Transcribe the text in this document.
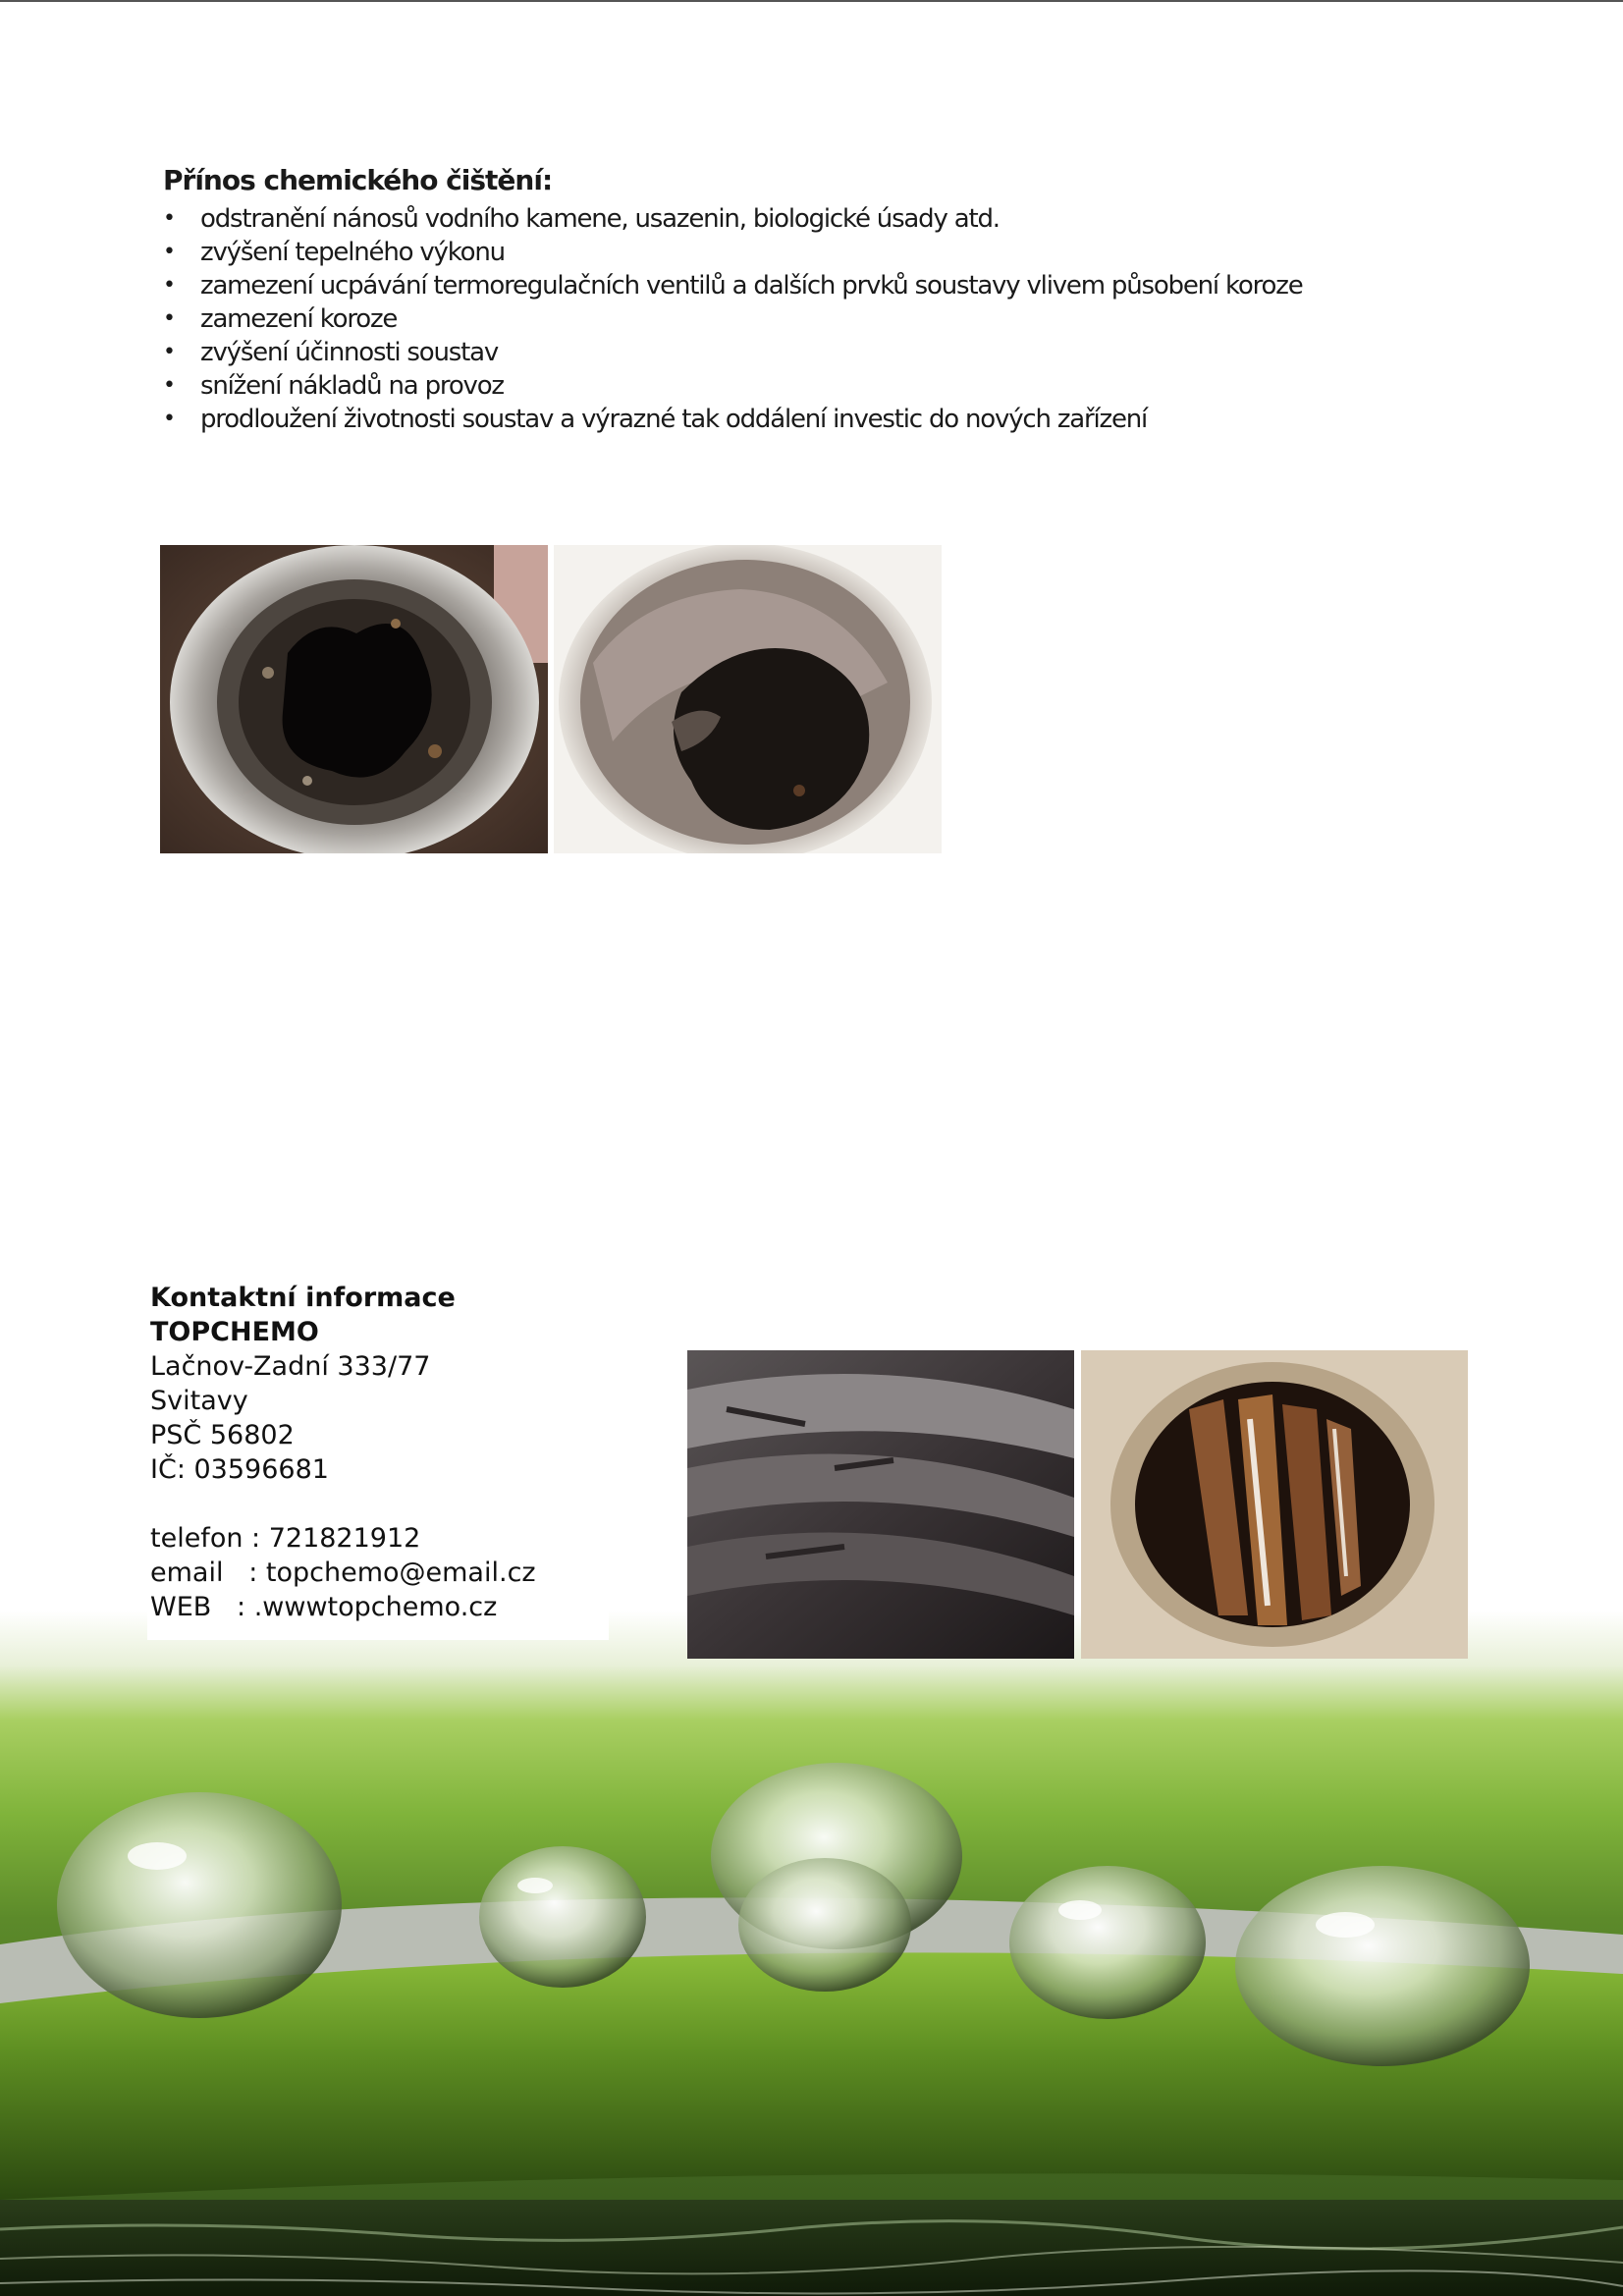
Přínos chemického čištění:
• odstranění nánosů vodního kamene, usazenin, biologické úsady atd.
• zvýšení tepelného výkonu
• zamezení ucpávání termoregulačních ventilů a dalších prvků soustavy vlivem působení koroze
• zamezení koroze
• zvýšení účinnosti soustav
• snížení nákladů na provoz
• prodloužení životnosti soustav a výrazné tak oddálení investic do nových zařízení
Kontaktní informace
TOPCHEMO
Lačnov-Zadní 333/77
Svitavy
PSČ 56802
IČ: 03596681
telefon : 721821912
email   : topchemo@email.cz
WEB   : .wwwtopchemo.cz
